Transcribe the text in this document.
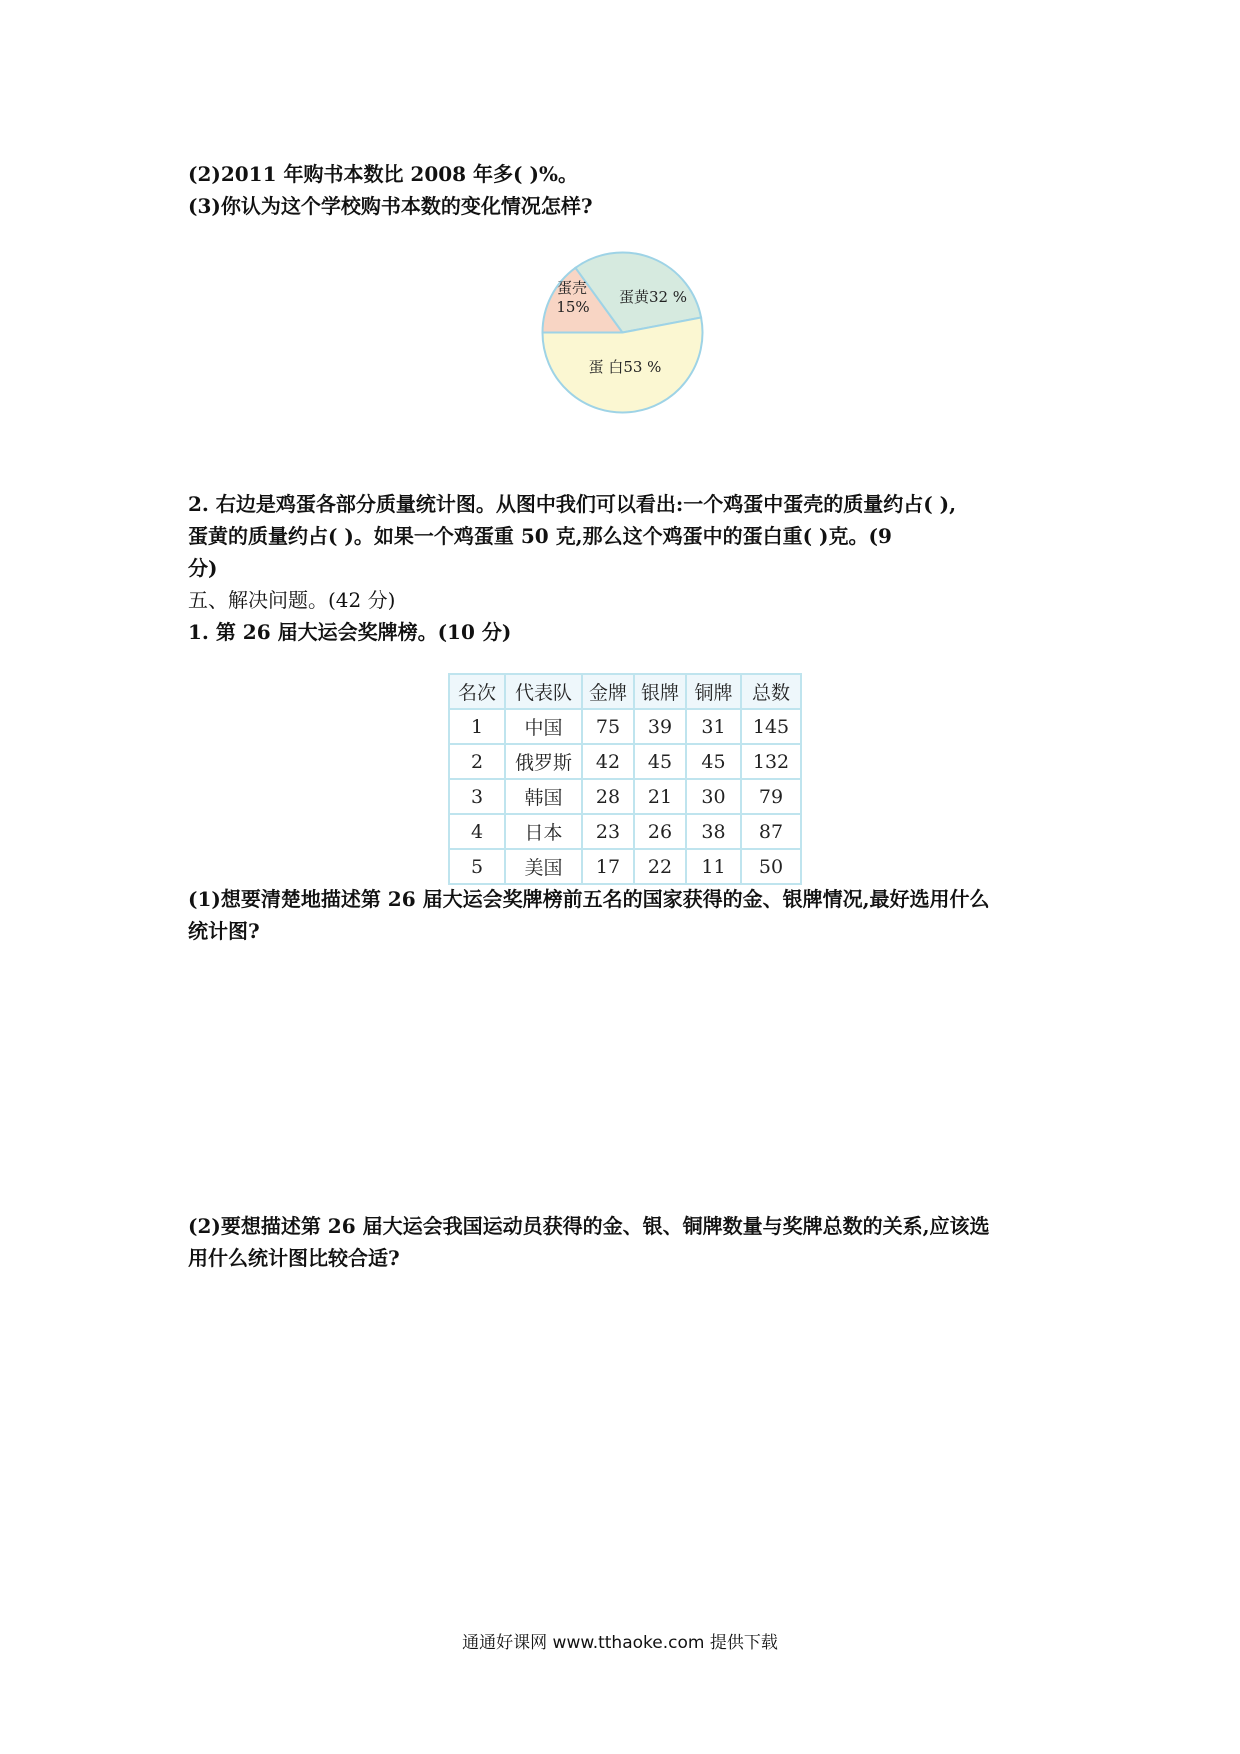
(2)2011 年购书本数比 2008 年多( )%。
(3)你认为这个学校购书本数的变化情况怎样?
蛋壳
15%
蛋黄32 %
蛋 白53 %
2. 右边是鸡蛋各部分质量统计图。从图中我们可以看出:一个鸡蛋中蛋壳的质量约占( ),
蛋黄的质量约占( )。如果一个鸡蛋重 50 克,那么这个鸡蛋中的蛋白重( )克。(9
分)
五、解决问题。(42 分)
1. 第 26 届大运会奖牌榜。(10 分)
名次	代表队	金牌	银牌	铜牌	总数
1	中国	75	39	31	145
2	俄罗斯	42	45	45	132
3	韩国	28	21	30	79
4	日本	23	26	38	87
5	美国	17	22	11	50
(1)想要清楚地描述第 26 届大运会奖牌榜前五名的国家获得的金、银牌情况,最好选用什么
统计图?
(2)要想描述第 26 届大运会我国运动员获得的金、银、铜牌数量与奖牌总数的关系,应该选
用什么统计图比较合适?
通通好课网 www.tthaoke.com 提供下载
